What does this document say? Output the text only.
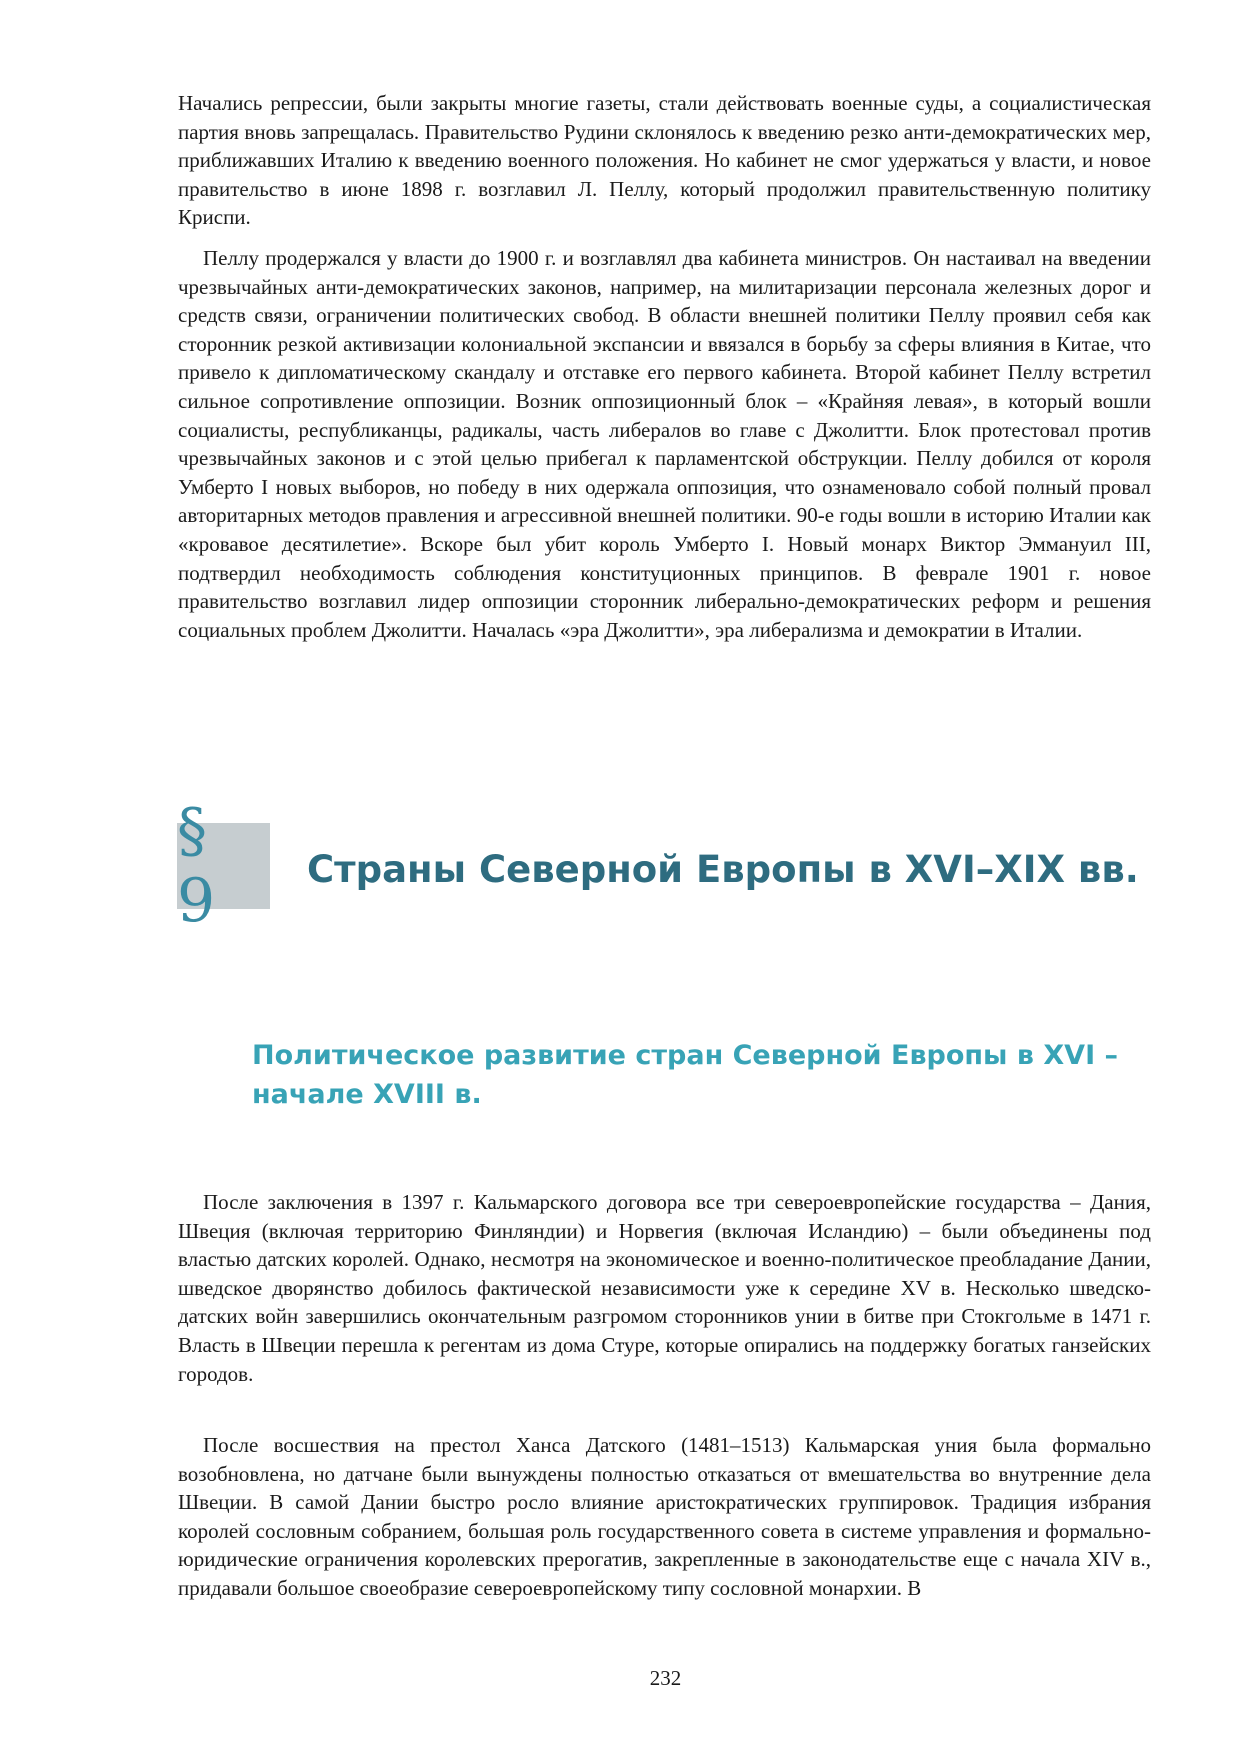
Начались репрессии, были закрыты многие газеты, стали действовать военные суды, а социалистическая партия вновь запрещалась. Правительство Рудини склонялось к введению резко анти-демократических мер, приближавших Италию к введению военного положения. Но кабинет не смог удержаться у власти, и новое правительство в июне 1898 г. возглавил Л. Пеллу, который продолжил правительственную политику Криспи.

Пеллу продержался у власти до 1900 г. и возглавлял два кабинета министров. Он настаивал на введении чрезвычайных анти-демократических законов, например, на милитаризации персонала железных дорог и средств связи, ограничении политических свобод. В области внешней политики Пеллу проявил себя как сторонник резкой активизации колониальной экспансии и ввязался в борьбу за сферы влияния в Китае, что привело к дипломатическому скандалу и отставке его первого кабинета. Второй кабинет Пеллу встретил сильное сопротивление оппозиции. Возник оппозиционный блок – «Крайняя левая», в который вошли социалисты, республиканцы, радикалы, часть либералов во главе с Джолитти. Блок протестовал против чрезвычайных законов и с этой целью прибегал к парламентской обструкции. Пеллу добился от короля Умберто I новых выборов, но победу в них одержала оппозиция, что ознаменовало собой полный провал авторитарных методов правления и агрессивной внешней политики. 90-е годы вошли в историю Италии как «кровавое десятилетие». Вскоре был убит король Умберто I. Новый монарх Виктор Эммануил III, подтвердил необходимость соблюдения конституционных принципов. В феврале 1901 г. новое правительство возглавил лидер оппозиции сторонник либерально-демократических реформ и решения социальных проблем Джолитти. Началась «эра Джолитти», эра либерализма и демократии в Италии.

§ 9	Страны Северной Европы в XVI–XIX вв.
Политическое развитие стран Северной Европы в XVI – начале XVIII в.

После заключения в 1397 г. Кальмарского договора все три североевропейские государства – Дания, Швеция (включая территорию Финляндии) и Норвегия (включая Исландию) – были объединены под властью датских королей. Однако, несмотря на экономическое и военно-политическое преобладание Дании, шведское дворянство добилось фактической независимости уже к середине XV в. Несколько шведско-датских войн завершились окончательным разгромом сторонников унии в битве при Стокгольме в 1471 г. Власть в Швеции перешла к регентам из дома Стуре, которые опирались на поддержку богатых ганзейских городов.

После восшествия на престол Ханса Датского (1481–1513) Кальмарская уния была формально возобновлена, но датчане были вынуждены полностью отказаться от вмешательства во внутренние дела Швеции. В самой Дании быстро росло влияние аристократических группировок. Традиция избрания королей сословным собранием, большая роль государственного совета в системе управления и формально-юридические ограничения королевских прерогатив, закрепленные в законодательстве еще с начала XIV в., придавали большое своеобразие североевропейскому типу сословной монархии. В

232
